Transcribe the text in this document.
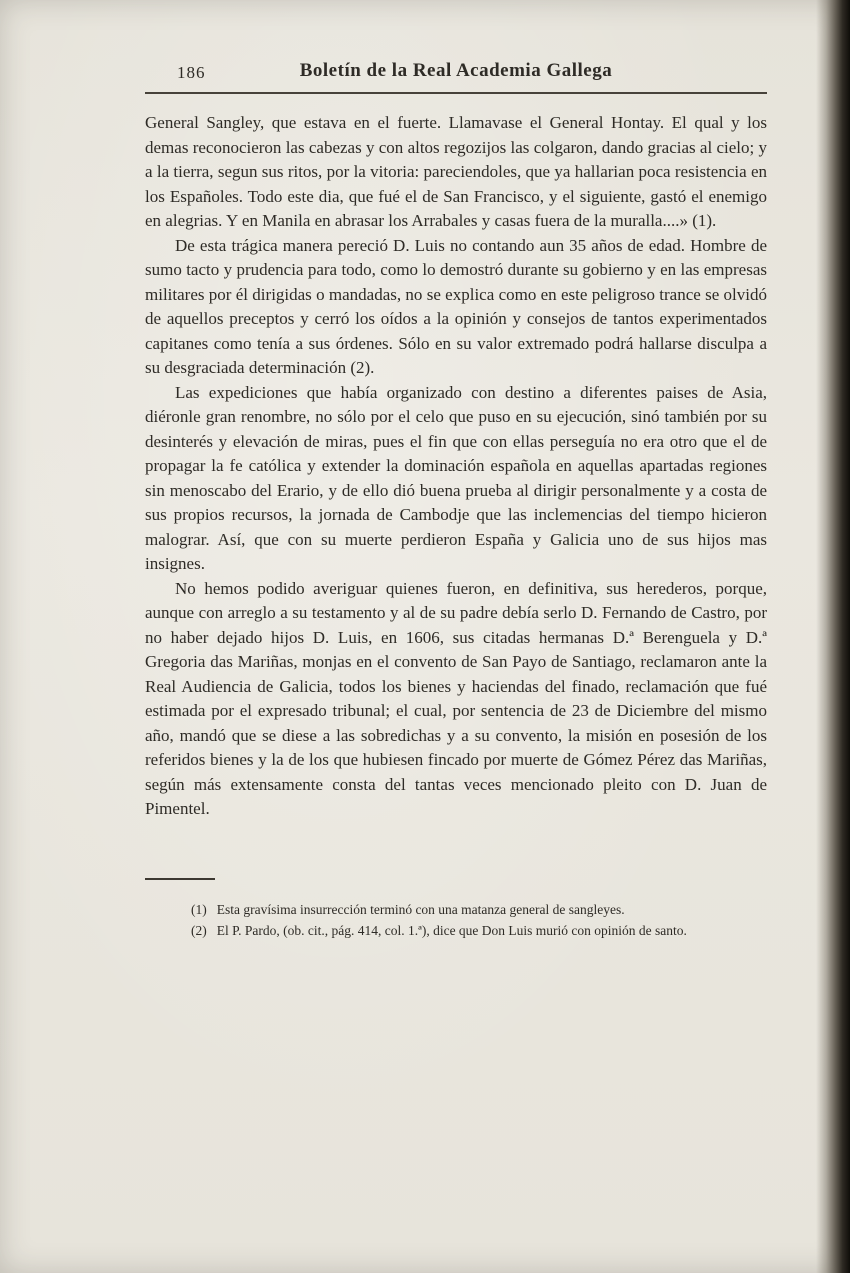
186	Boletín de la Real Academia Gallega

General Sangley, que estava en el fuerte. Llamavase el General Hontay. El qual y los demas reconocieron las cabezas y con altos regozijos las colgaron, dando gracias al cielo; y a la tierra, segun sus ritos, por la vitoria: pareciendoles, que ya hallarian poca resistencia en los Españoles. Todo este dia, que fué el de San Francisco, y el siguiente, gastó el enemigo en alegrias. Y en Manila en abrasar los Arrabales y casas fuera de la muralla....» (1).

De esta trágica manera pereció D. Luis no contando aun 35 años de edad. Hombre de sumo tacto y prudencia para todo, como lo demostró durante su gobierno y en las empresas militares por él dirigidas o mandadas, no se explica como en este peligroso trance se olvidó de aquellos preceptos y cerró los oídos a la opinión y consejos de tantos experimentados capitanes como tenía a sus órdenes. Sólo en su valor extremado podrá hallarse disculpa a su desgraciada determinación (2).

Las expediciones que había organizado con destino a diferentes paises de Asia, diéronle gran renombre, no sólo por el celo que puso en su ejecución, sinó también por su desinterés y elevación de miras, pues el fin que con ellas perseguía no era otro que el de propagar la fe católica y extender la dominación española en aquellas apartadas regiones sin menoscabo del Erario, y de ello dió buena prueba al dirigir personalmente y a costa de sus propios recursos, la jornada de Cambodje que las inclemencias del tiempo hicieron malograr. Así, que con su muerte perdieron España y Galicia uno de sus hijos mas insignes.

No hemos podido averiguar quienes fueron, en definitiva, sus herederos, porque, aunque con arreglo a su testamento y al de su padre debía serlo D. Fernando de Castro, por no haber dejado hijos D. Luis, en 1606, sus citadas hermanas D.ª Berenguela y D.ª Gregoria das Mariñas, monjas en el convento de San Payo de Santiago, reclamaron ante la Real Audiencia de Galicia, todos los bienes y haciendas del finado, reclamación que fué estimada por el expresado tribunal; el cual, por sentencia de 23 de Diciembre del mismo año, mandó que se diese a las sobredichas y a su convento, la misión en posesión de los referidos bienes y la de los que hubiesen fincado por muerte de Gómez Pérez das Mariñas, según más extensamente consta del tantas veces mencionado pleito con D. Juan de Pimentel.

(1) Esta gravísima insurrección terminó con una matanza general de sangleyes.

(2) El P. Pardo, (ob. cit., pág. 414, col. 1.ª), dice que Don Luis murió con opinión de santo.
